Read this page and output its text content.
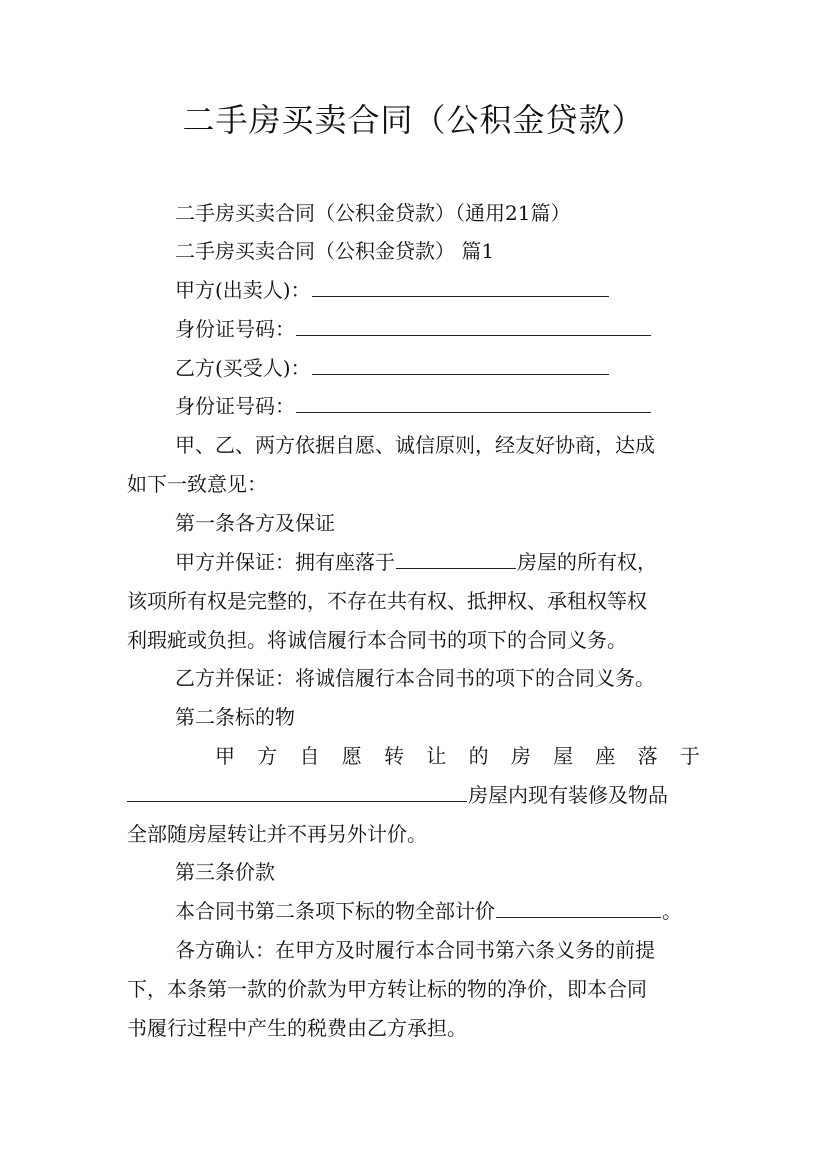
二手房买卖合同（公积金贷款）
二手房买卖合同（公积金贷款）（通用21篇）
二手房买卖合同（公积金贷款） 篇1
甲方(出卖人)：
身份证号码：
乙方(买受人)：
身份证号码：
甲、乙、两方依据自愿、诚信原则，经友好协商，达成
如下一致意见：
第一条各方及保证
甲方并保证：拥有座落于	房屋的所有权，
该项所有权是完整的，不存在共有权、抵押权、承租权等权
利瑕疵或负担。将诚信履行本合同书的项下的合同义务。
乙方并保证：将诚信履行本合同书的项下的合同义务。
第二条标的物
甲 方 自 愿 转 让 的 房 屋 座 落 于
房屋内现有装修及物品
全部随房屋转让并不再另外计价。
第三条价款
本合同书第二条项下标的物全部计价	。
各方确认：在甲方及时履行本合同书第六条义务的前提
下，本条第一款的价款为甲方转让标的物的净价，即本合同
书履行过程中产生的税费由乙方承担。
